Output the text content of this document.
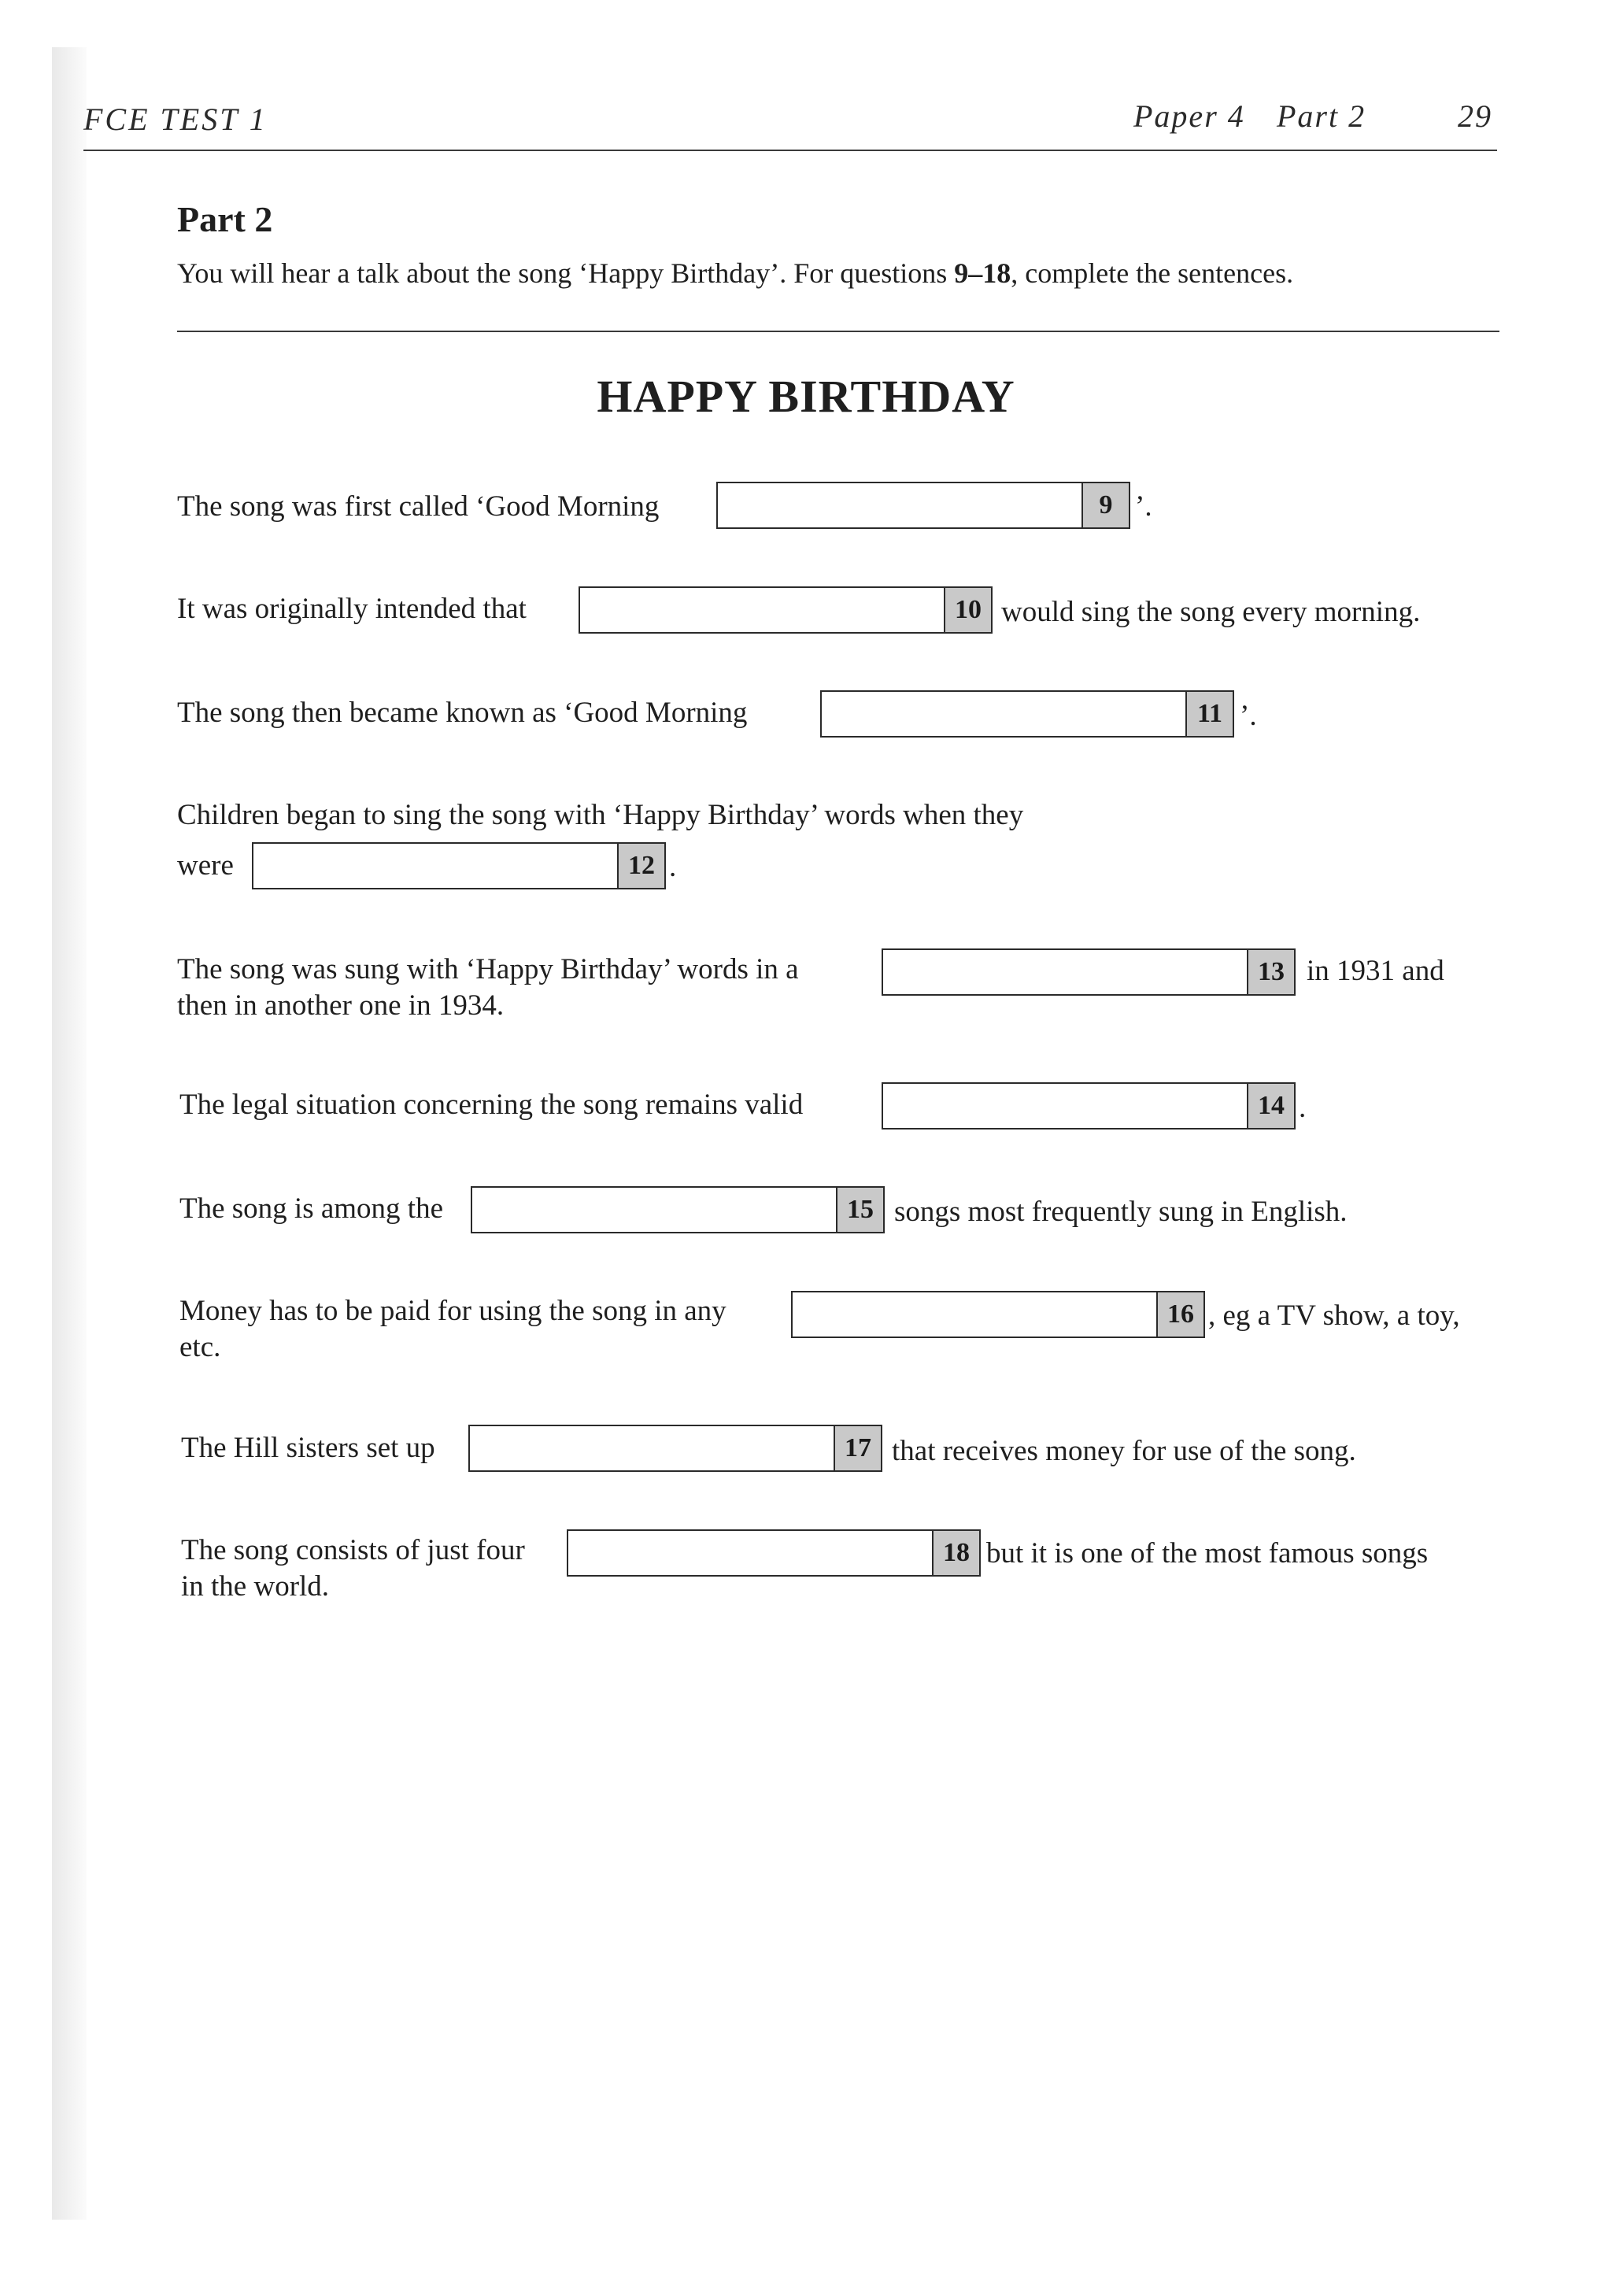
FCE TEST 1	Paper 4 Part 2	29
Part 2
You will hear a talk about the song ‘Happy Birthday’. For questions 9–18, complete the sentences.
HAPPY BIRTHDAY
The song was first called ‘Good Morning	9 ’.
It was originally intended that	10 would sing the song every morning.
The song then became known as ‘Good Morning	11 ’.
Children began to sing the song with ‘Happy Birthday’ words when they
were	12 .
The song was sung with ‘Happy Birthday’ words in a
then in another one in 1934.
13 in 1931 and
The legal situation concerning the song remains valid	14 .
The song is among the	15 songs most frequently sung in English.
Money has to be paid for using the song in any
etc.
16 , eg a TV show, a toy,
The Hill sisters set up	17 that receives money for use of the song.
The song consists of just four
in the world.
18 but it is one of the most famous songs
